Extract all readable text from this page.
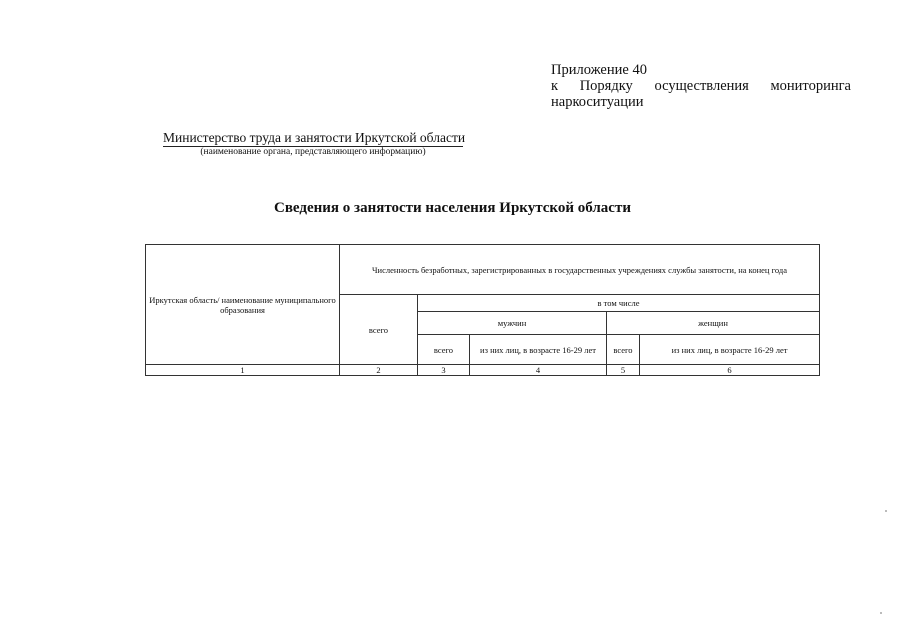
Приложение 40
к Порядку осуществления мониторинга
наркоситуации
Министерство труда и занятости Иркутской области
(наименование органа, представляющего информацию)
Сведения о занятости населения Иркутской области
Иркутская область/ наименование муниципального образования	Численность безработных, зарегистрированных в государственных учреждениях службы занятости, на конец года				
	всего	в том числе			
		мужчин		женщин	
		всего	из них лиц, в возрасте 16-29 лет	всего	из них лиц, в возрасте 16-29 лет
1	2	3	4	5	6
